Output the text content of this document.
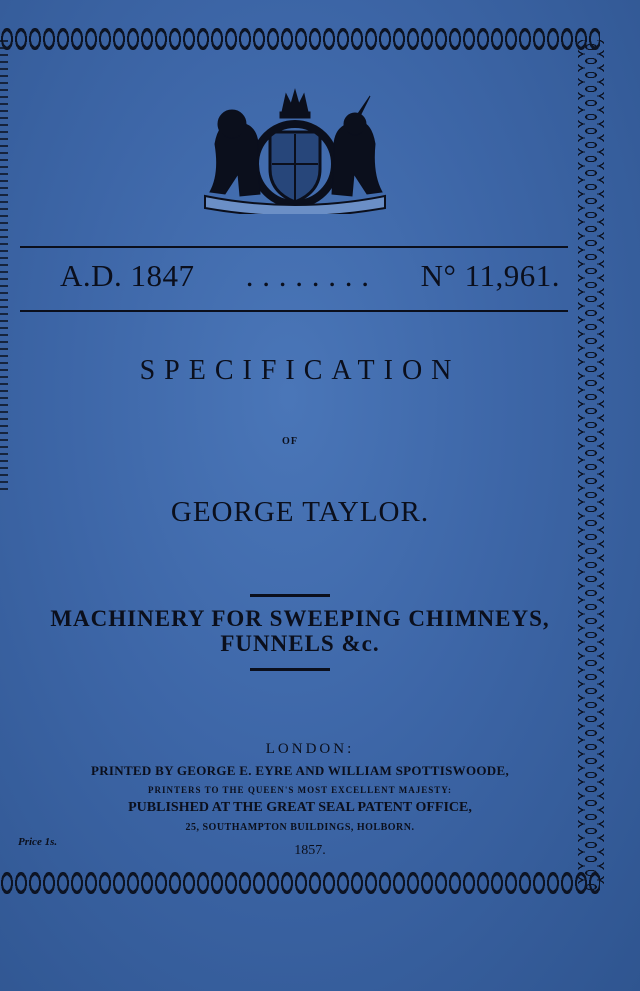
A.D. 1847 . . . . . . . . N° 11,961.
SPECIFICATION
OF
GEORGE TAYLOR.
MACHINERY FOR SWEEPING CHIMNEYS,
FUNNELS &c.
LONDON:
PRINTED BY GEORGE E. EYRE AND WILLIAM SPOTTISWOODE,
PRINTERS TO THE QUEEN'S MOST EXCELLENT MAJESTY:
PUBLISHED AT THE GREAT SEAL PATENT OFFICE,
25, SOUTHAMPTON BUILDINGS, HOLBORN.
Price 1s.
1857.
